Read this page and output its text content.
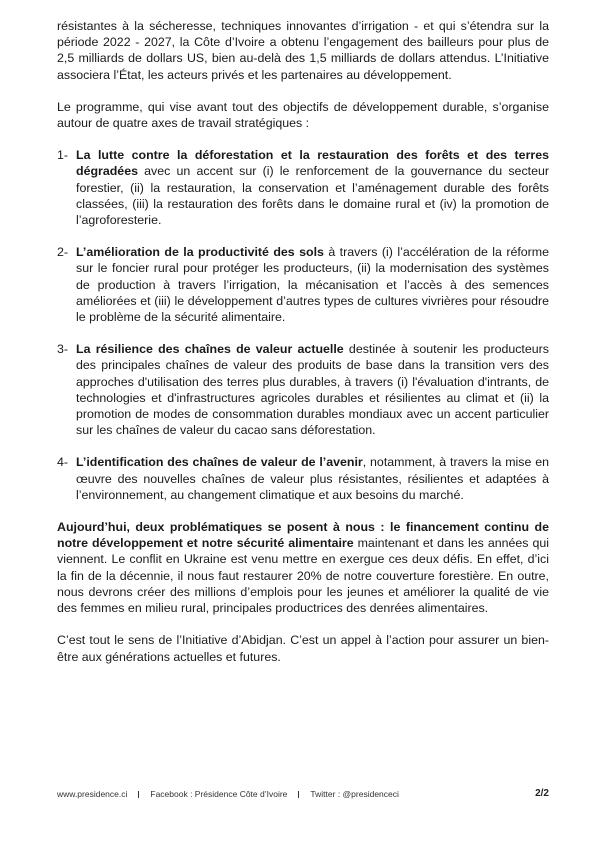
résistantes à la sécheresse, techniques innovantes d’irrigation - et qui s’étendra sur la période 2022 - 2027, la Côte d’Ivoire a obtenu l’engagement des bailleurs pour plus de 2,5 milliards de dollars US, bien au-delà des 1,5 milliards de dollars attendus. L’Initiative associera l’État, les acteurs privés et les partenaires au développement.

Le programme, qui vise avant tout des objectifs de développement durable, s’organise autour de quatre axes de travail stratégiques :

1- La lutte contre la déforestation et la restauration des forêts et des terres dégradées avec un accent sur (i) le renforcement de la gouvernance du secteur forestier, (ii) la restauration, la conservation et l’aménagement durable des forêts classées, (iii) la restauration des forêts dans le domaine rural et (iv) la promotion de l’agroforesterie.
2- L’amélioration de la productivité des sols à travers (i) l’accélération de la réforme sur le foncier rural pour protéger les producteurs, (ii) la modernisation des systèmes de production à travers l’irrigation, la mécanisation et l’accès à des semences améliorées et (iii) le développement d’autres types de cultures vivrières pour résoudre le problème de la sécurité alimentaire.
3- La résilience des chaînes de valeur actuelle destinée à soutenir les producteurs des principales chaînes de valeur des produits de base dans la transition vers des approches d'utilisation des terres plus durables, à travers (i) l'évaluation d'intrants, de technologies et d'infrastructures agricoles durables et résilientes au climat et (ii) la promotion de modes de consommation durables mondiaux avec un accent particulier sur les chaînes de valeur du cacao sans déforestation.
4- L’identification des chaînes de valeur de l’avenir, notamment, à travers la mise en œuvre des nouvelles chaînes de valeur plus résistantes, résilientes et adaptées à l’environnement, au changement climatique et aux besoins du marché.

Aujourd’hui, deux problématiques se posent à nous : le financement continu de notre développement et notre sécurité alimentaire maintenant et dans les années qui viennent. Le conflit en Ukraine est venu mettre en exergue ces deux défis. En effet, d’ici la fin de la décennie, il nous faut restaurer 20% de notre couverture forestière. En outre, nous devrons créer des millions d’emplois pour les jeunes et améliorer la qualité de vie des femmes en milieu rural, principales productrices des denrées alimentaires.

C’est tout le sens de l’Initiative d’Abidjan. C’est un appel à l’action pour assurer un bien-être aux générations actuelles et futures.

www.presidence.ci	Facebook : Présidence Côte d’Ivoire	Twitter : @presidenceci	2/2
